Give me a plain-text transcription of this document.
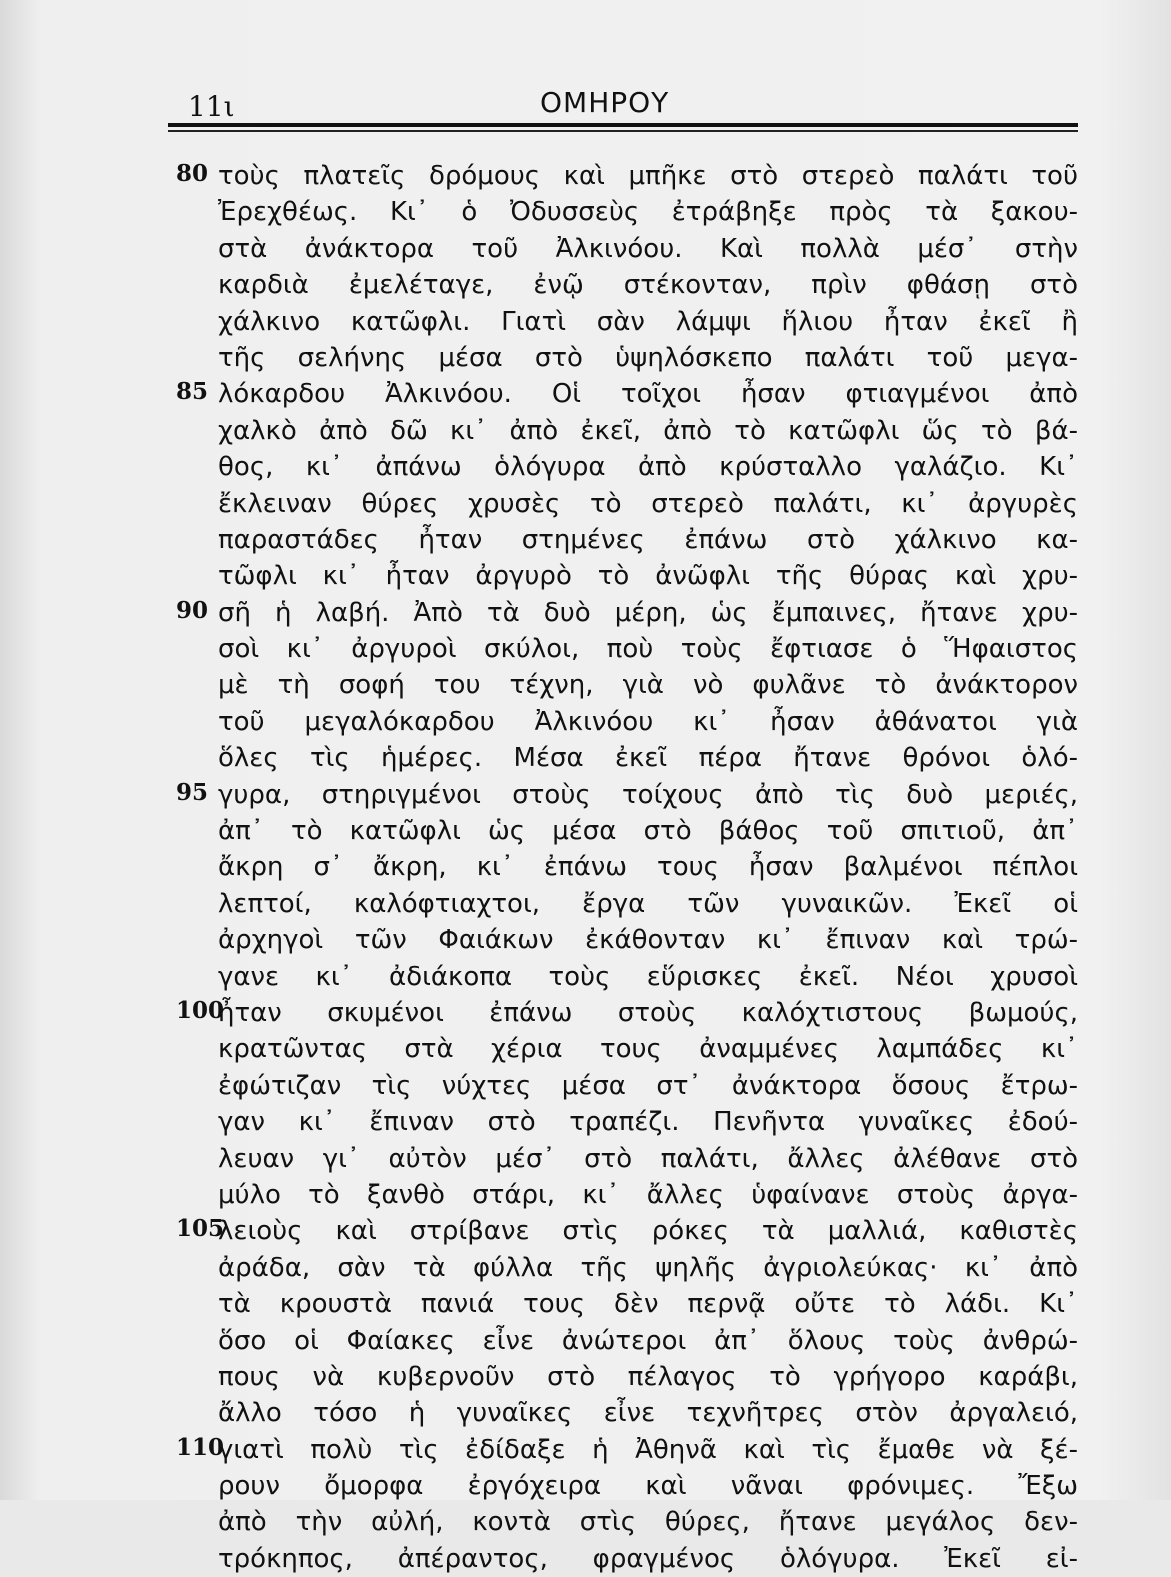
11ι	ΟΜΗΡΟΥ
80 τοὺς πλατεῖς δρόμους καὶ μπῆκε στὸ στερεὸ παλάτι τοῦ
Ἐρεχθέως. Κι᾿ ὁ Ὀδυσσεὺς ἐτράβηξε πρὸς τὰ ξακου-
στὰ ἀνάκτορα τοῦ Ἀλκινόου. Καὶ πολλὰ μέσ᾿ στὴν
καρδιὰ ἐμελέταγε, ἐνῷ στέκονταν, πρὶν φθάσῃ στὸ
χάλκινο κατῶφλι. Γιατὶ σὰν λάμψι ἥλιου ἦταν ἐκεῖ ἢ
τῆς σελήνης μέσα στὸ ὑψηλόσκεπο παλάτι τοῦ μεγα-
85 λόκαρδου Ἀλκινόου. Οἱ τοῖχοι ἦσαν φτιαγμένοι ἀπὸ
χαλκὸ ἀπὸ δῶ κι᾿ ἀπὸ ἐκεῖ, ἀπὸ τὸ κατῶφλι ὥς τὸ βά-
θος, κι᾿ ἀπάνω ὁλόγυρα ἀπὸ κρύσταλλο γαλάζιο. Κι᾿
ἔκλειναν θύρες χρυσὲς τὸ στερεὸ παλάτι, κι᾿ ἀργυρὲς
παραστάδες ἦταν στημένες ἐπάνω στὸ χάλκινο κα-
τῶφλι κι᾿ ἦταν ἀργυρὸ τὸ ἀνῶφλι τῆς θύρας καὶ χρυ-
90 σῆ ἡ λαβή. Ἀπὸ τὰ δυὸ μέρη, ὡς ἔμπαινες, ἤτανε χρυ-
σοὶ κι᾿ ἀργυροὶ σκύλοι, ποὺ τοὺς ἔφτιασε ὁ Ἥφαιστος
μὲ τὴ σοφή του τέχνη, γιὰ νὸ φυλᾶνε τὸ ἀνάκτορον
τοῦ μεγαλόκαρδου Ἀλκινόου κι᾿ ἦσαν ἀθάνατοι γιὰ
ὅλες τὶς ἡμέρες. Μέσα ἐκεῖ πέρα ἤτανε θρόνοι ὁλό-
95 γυρα, στηριγμένοι στοὺς τοίχους ἀπὸ τὶς δυὸ μεριές,
ἀπ᾿ τὸ κατῶφλι ὡς μέσα στὸ βάθος τοῦ σπιτιοῦ, ἀπ᾿
ἄκρη σ᾿ ἄκρη, κι᾿ ἐπάνω τους ἦσαν βαλμένοι πέπλοι
λεπτοί, καλόφτιαχτοι, ἔργα τῶν γυναικῶν. Ἐκεῖ οἱ
ἀρχηγοὶ τῶν Φαιάκων ἐκάθονταν κι᾿ ἔπιναν καὶ τρώ-
γανε κι᾿ ἀδιάκοπα τοὺς εὕρισκες ἐκεῖ. Νέοι χρυσοὶ
100
ἦταν σκυμένοι ἐπάνω στοὺς καλόχτιστους βωμούς,
κρατῶντας στὰ χέρια τους ἀναμμένες λαμπάδες κι᾿
ἐφώτιζαν τὶς νύχτες μέσα στ᾿ ἀνάκτορα ὅσους ἔτρω-
γαν κι᾿ ἔπιναν στὸ τραπέζι. Πενῆντα γυναῖκες ἐδού-
λευαν γι᾿ αὐτὸν μέσ᾿ στὸ παλάτι, ἄλλες ἀλέθανε στὸ
μύλο τὸ ξανθὸ στάρι, κι᾿ ἄλλες ὑφαίνανε στοὺς ἀργα-
105
λειοὺς καὶ στρίβανε στὶς ρόκες τὰ μαλλιά, καθιστὲς
ἀράδα, σὰν τὰ φύλλα τῆς ψηλῆς ἀγριολεύκας· κι᾿ ἀπὸ
τὰ κρουστὰ πανιά τους δὲν περνᾷ οὔτε τὸ λάδι. Κι᾿
ὅσο οἱ Φαίακες εἶνε ἀνώτεροι ἀπ᾿ ὅλους τοὺς ἀνθρώ-
πους νὰ κυβερνοῦν στὸ πέλαγος τὸ γρήγορο καράβι,
ἄλλο τόσο ἡ γυναῖκες εἶνε τεχνῆτρες στὸν ἀργαλειό,
110
γιατὶ πολὺ τὶς ἐδίδαξε ἡ Ἀθηνᾶ καὶ τὶς ἔμαθε νὰ ξέ-
ρουν ὄμορφα ἐργόχειρα καὶ νᾶναι φρόνιμες. Ἔξω
ἀπὸ τὴν αὐλή, κοντὰ στὶς θύρες, ἤτανε μεγάλος δεν-
τρόκηπος, ἀπέραντος, φραγμένος ὁλόγυρα. Ἐκεῖ εἰ-
